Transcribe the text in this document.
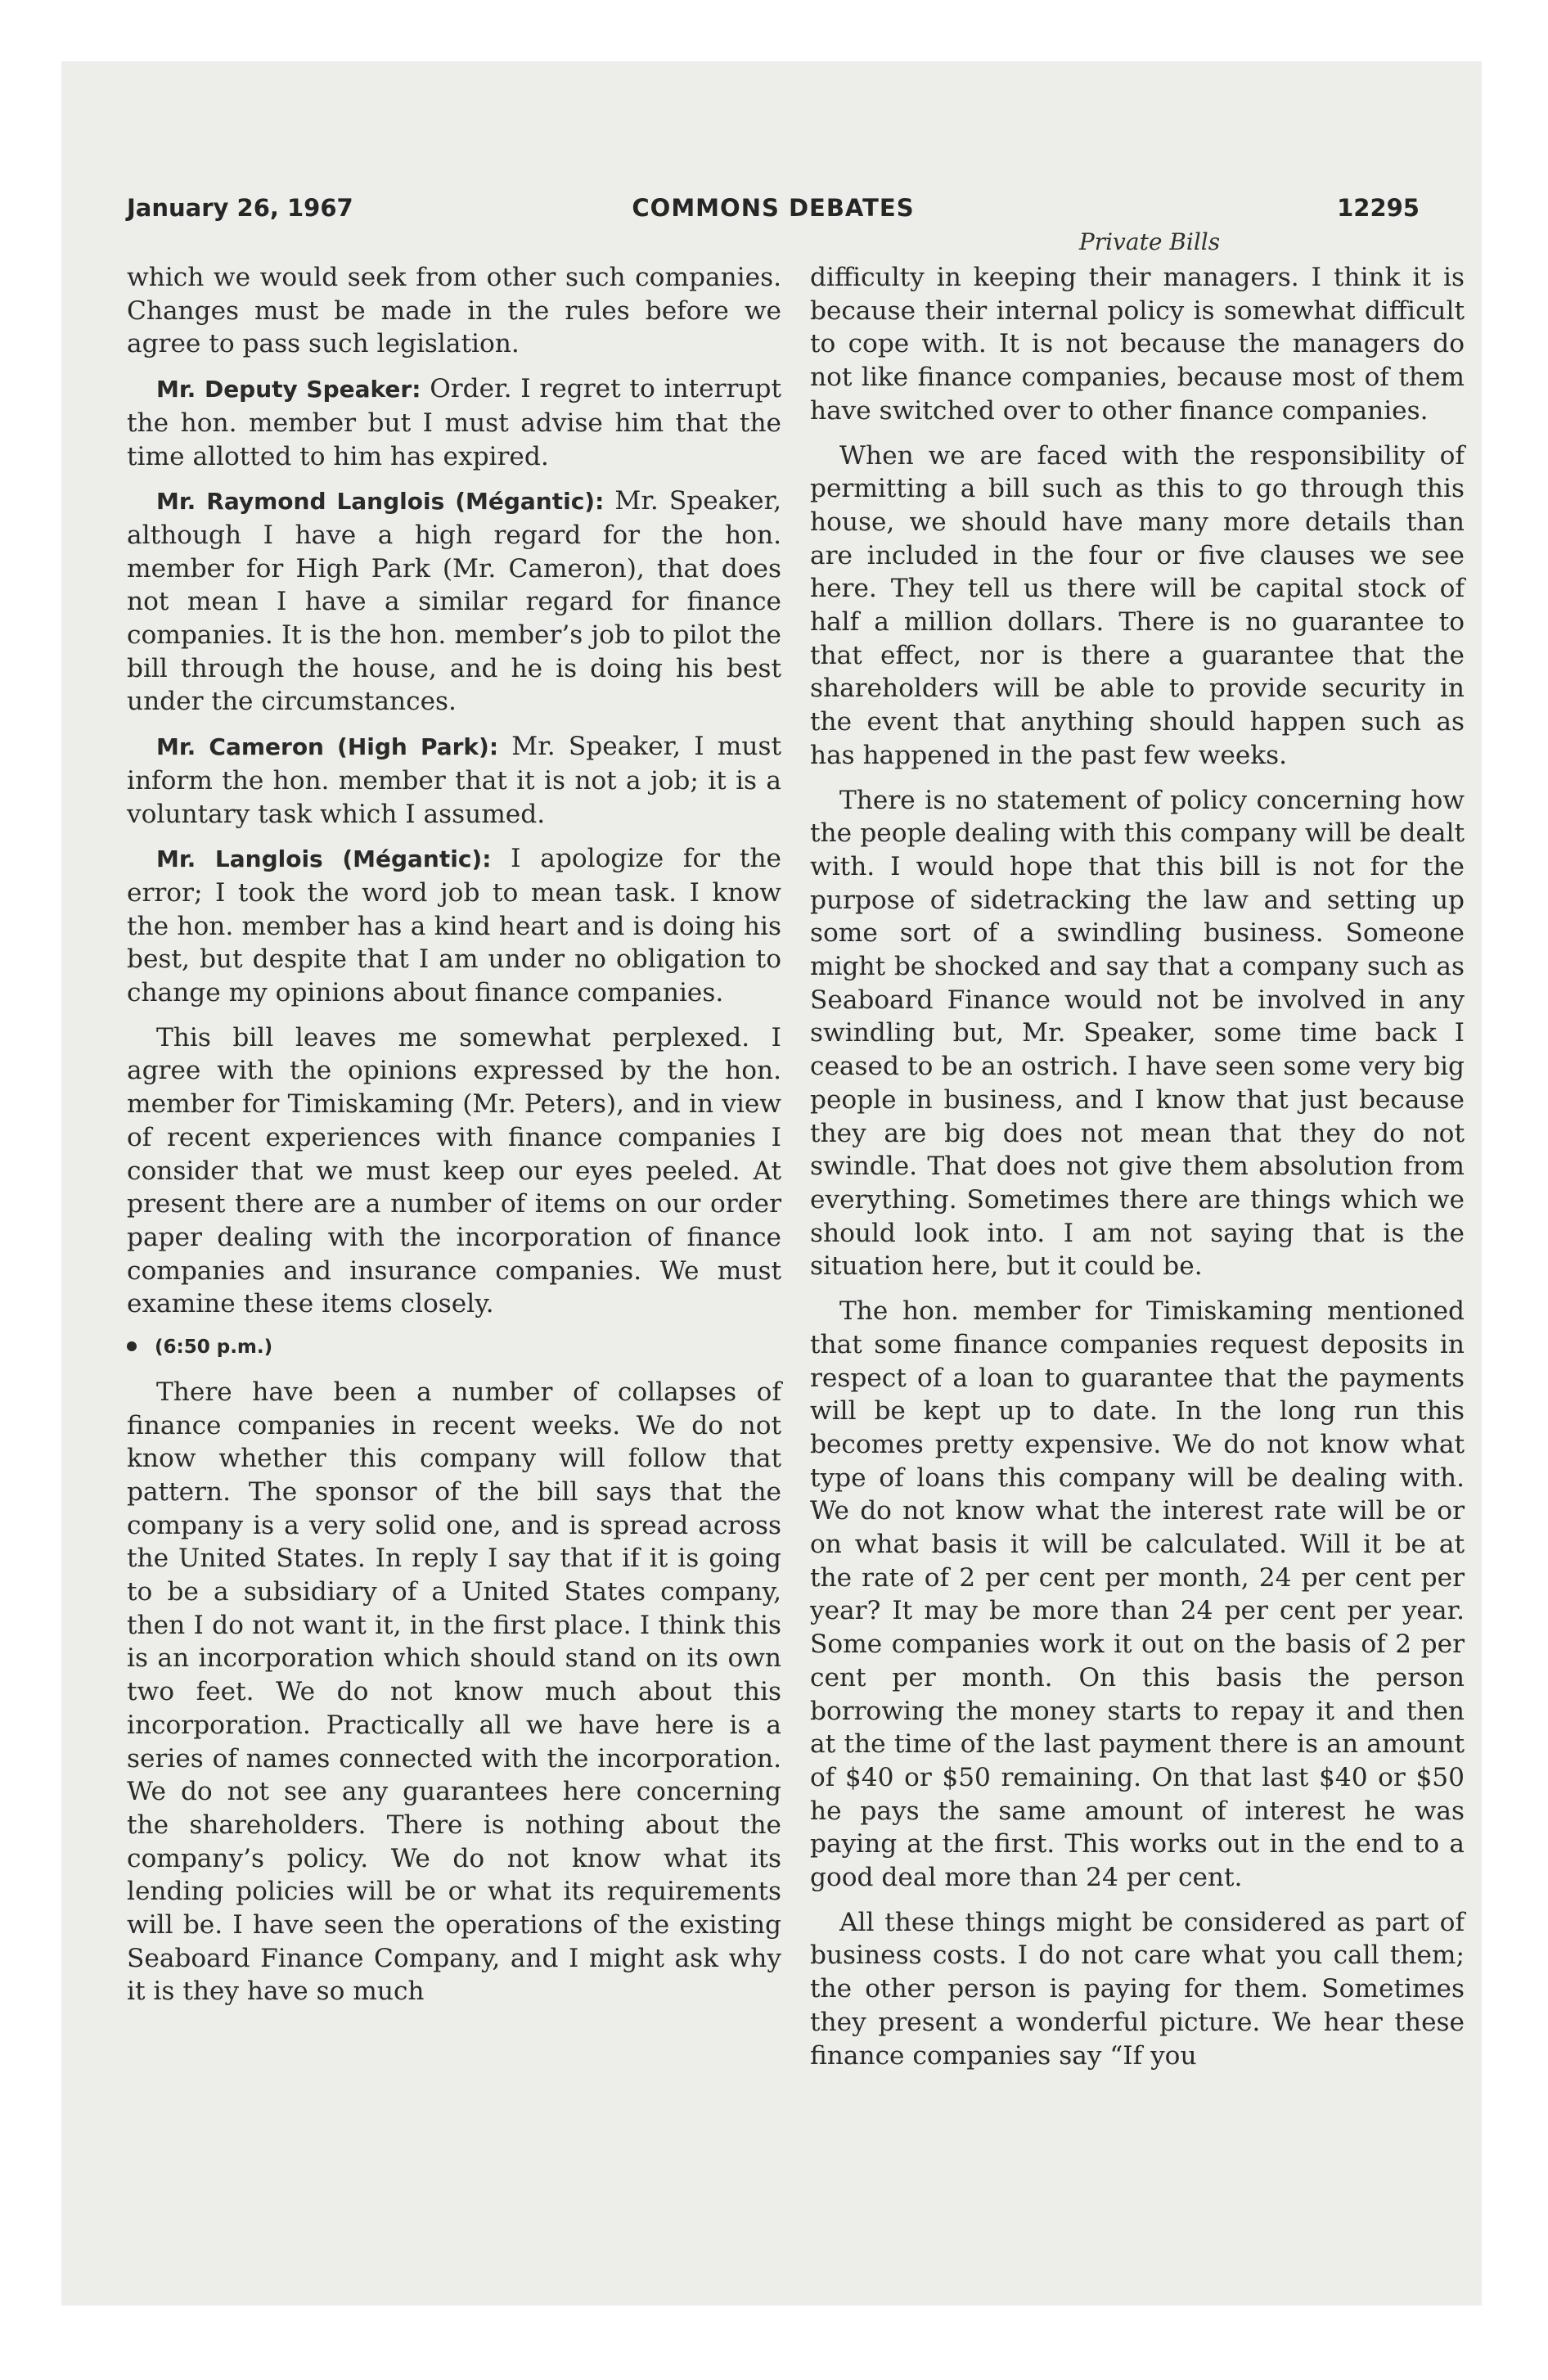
January 26, 1967	COMMONS DEBATES	12295
Private Bills

which we would seek from other such companies. Changes must be made in the rules before we agree to pass such legislation.

Mr. Deputy Speaker: Order. I regret to interrupt the hon. member but I must advise him that the time allotted to him has expired.

Mr. Raymond Langlois (Mégantic): Mr. Speaker, although I have a high regard for the hon. member for High Park (Mr. Cameron), that does not mean I have a similar regard for finance companies. It is the hon. member’s job to pilot the bill through the house, and he is doing his best under the circumstances.

Mr. Cameron (High Park): Mr. Speaker, I must inform the hon. member that it is not a job; it is a voluntary task which I assumed.

Mr. Langlois (Mégantic): I apologize for the error; I took the word job to mean task. I know the hon. member has a kind heart and is doing his best, but despite that I am under no obligation to change my opinions about finance companies.

This bill leaves me somewhat perplexed. I agree with the opinions expressed by the hon. member for Timiskaming (Mr. Peters), and in view of recent experiences with finance companies I consider that we must keep our eyes peeled. At present there are a number of items on our order paper dealing with the incorporation of finance companies and insurance companies. We must examine these items closely.

(6:50 p.m.)

There have been a number of collapses of finance companies in recent weeks. We do not know whether this company will follow that pattern. The sponsor of the bill says that the company is a very solid one, and is spread across the United States. In reply I say that if it is going to be a subsidiary of a United States company, then I do not want it, in the first place. I think this is an incorporation which should stand on its own two feet. We do not know much about this incorporation. Practically all we have here is a series of names connected with the incorporation. We do not see any guarantees here concerning the shareholders. There is nothing about the company’s policy. We do not know what its lending policies will be or what its requirements will be. I have seen the operations of the existing Seaboard Finance Company, and I might ask why it is they have so much

difficulty in keeping their managers. I think it is because their internal policy is somewhat difficult to cope with. It is not because the managers do not like finance companies, because most of them have switched over to other finance companies.

When we are faced with the responsibility of permitting a bill such as this to go through this house, we should have many more details than are included in the four or five clauses we see here. They tell us there will be capital stock of half a million dollars. There is no guarantee to that effect, nor is there a guarantee that the shareholders will be able to provide security in the event that anything should happen such as has happened in the past few weeks.

There is no statement of policy concerning how the people dealing with this company will be dealt with. I would hope that this bill is not for the purpose of sidetracking the law and setting up some sort of a swindling business. Someone might be shocked and say that a company such as Seaboard Finance would not be involved in any swindling but, Mr. Speaker, some time back I ceased to be an ostrich. I have seen some very big people in business, and I know that just because they are big does not mean that they do not swindle. That does not give them absolution from everything. Sometimes there are things which we should look into. I am not saying that is the situation here, but it could be.

The hon. member for Timiskaming mentioned that some finance companies request deposits in respect of a loan to guarantee that the payments will be kept up to date. In the long run this becomes pretty expensive. We do not know what type of loans this company will be dealing with. We do not know what the interest rate will be or on what basis it will be calculated. Will it be at the rate of 2 per cent per month, 24 per cent per year? It may be more than 24 per cent per year. Some companies work it out on the basis of 2 per cent per month. On this basis the person borrowing the money starts to repay it and then at the time of the last payment there is an amount of $40 or $50 remaining. On that last $40 or $50 he pays the same amount of interest he was paying at the first. This works out in the end to a good deal more than 24 per cent.

All these things might be considered as part of business costs. I do not care what you call them; the other person is paying for them. Sometimes they present a wonderful picture. We hear these finance companies say “If you
